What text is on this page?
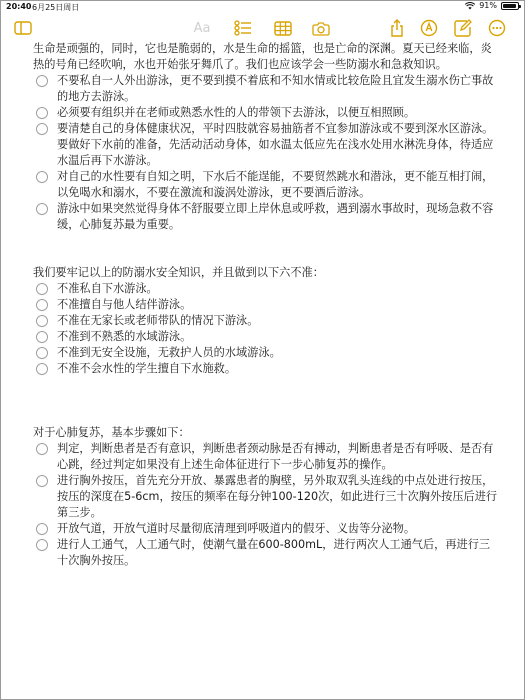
20:40 6月25日周日	91%
Aa

生命是顽强的，同时，它也是脆弱的，水是生命的摇篮，也是亡命的深渊。夏天已经来临，炎热的号角已经吹响，水也开始张牙舞爪了。我们也应该学会一些防溺水和急救知识。

不要私自一人外出游泳，更不要到摸不着底和不知水情或比较危险且宜发生溺水伤亡事故的地方去游泳。
必须要有组织并在老师或熟悉水性的人的带领下去游泳，以便互相照顾。
要清楚自己的身体健康状况，平时四肢就容易抽筋者不宜参加游泳或不要到深水区游泳。要做好下水前的准备，先活动活动身体，如水温太低应先在浅水处用水淋洗身体，待适应水温后再下水游泳。
对自己的水性要有自知之明，下水后不能逞能，不要贸然跳水和潜泳，更不能互相打闹，以免喝水和溺水，不要在激流和漩涡处游泳，更不要酒后游泳。
游泳中如果突然觉得身体不舒服要立即上岸休息或呼救，遇到溺水事故时，现场急救不容缓，心肺复苏最为重要。

我们要牢记以上的防溺水安全知识，并且做到以下六不准：

不准私自下水游泳。
不准擅自与他人结伴游泳。
不准在无家长或老师带队的情况下游泳。
不准到不熟悉的水域游泳。
不准到无安全设施，无救护人员的水域游泳。
不准不会水性的学生擅自下水施救。

对于心肺复苏，基本步骤如下：

判定，判断患者是否有意识，判断患者颈动脉是否有搏动，判断患者是否有呼吸、是否有心跳，经过判定如果没有上述生命体征进行下一步心肺复苏的操作。
进行胸外按压，首先充分开放、暴露患者的胸壁，另外取双乳头连线的中点处进行按压，按压的深度在5-6cm，按压的频率在每分钟100-120次，如此进行三十次胸外按压后进行第三步。
开放气道，开放气道时尽量彻底清理到呼吸道内的假牙、义齿等分泌物。
进行人工通气，人工通气时，使潮气量在600-800mL，进行两次人工通气后，再进行三十次胸外按压。
